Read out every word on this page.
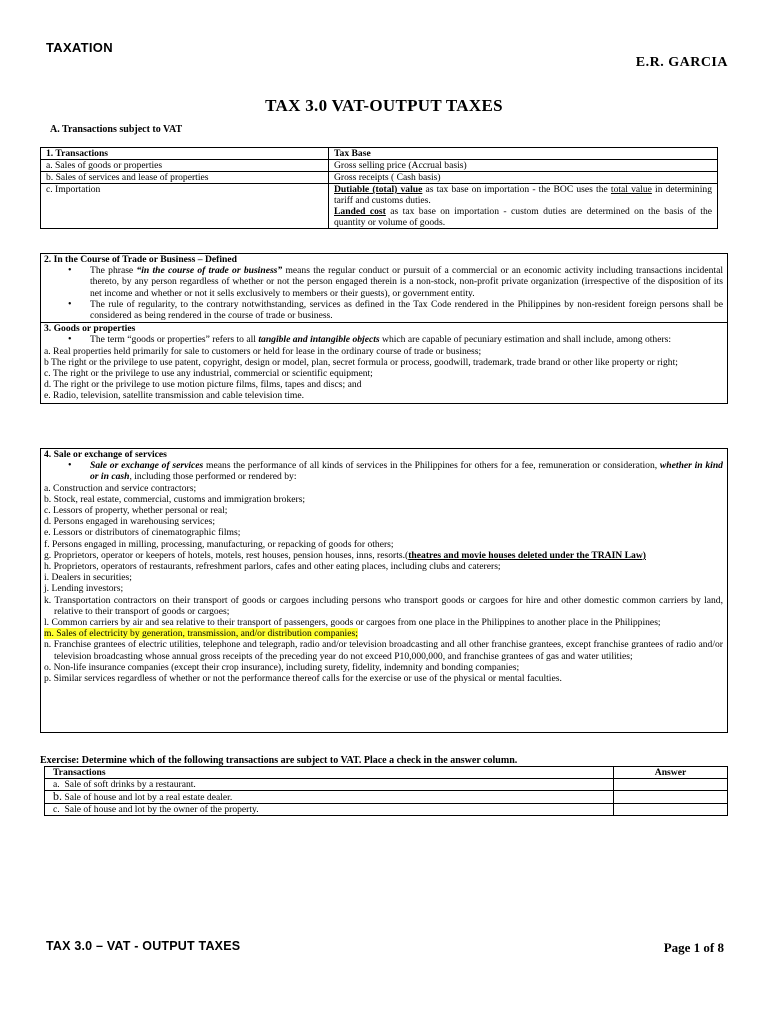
TAXATION
E.R. GARCIA
TAX 3.0 VAT-OUTPUT TAXES
A. Transactions subject to VAT
1. Transactions	Tax Base
a. Sales of goods or properties	Gross selling price (Accrual basis)
b. Sales of services and lease of properties	Gross receipts ( Cash basis)
c. Importation	Dutiable (total) value as tax base on importation - the BOC uses the total value in determining tariff and customs duties.
Landed cost as tax base on importation - custom duties are determined on the basis of the quantity or volume of goods.
2. In the Course of Trade or Business – Defined
• The phrase “in the course of trade or business” means the regular conduct or pursuit of a commercial or an economic activity including transactions incidental thereto, by any person regardless of whether or not the person engaged therein is a non-stock, non-profit private organization (irrespective of the disposition of its net income and whether or not it sells exclusively to members or their guests), or government entity.
• The rule of regularity, to the contrary notwithstanding, services as defined in the Tax Code rendered in the Philippines by non-resident foreign persons shall be considered as being rendered in the course of trade or business.
3. Goods or properties
• The term “goods or properties” refers to all tangible and intangible objects which are capable of pecuniary estimation and shall include, among others:
a. Real properties held primarily for sale to customers or held for lease in the ordinary course of trade or business;
b The right or the privilege to use patent, copyright, design or model, plan, secret formula or process, goodwill, trademark, trade brand or other like property or right;
c. The right or the privilege to use any industrial, commercial or scientific equipment;
d. The right or the privilege to use motion picture films, films, tapes and discs; and
e. Radio, television, satellite transmission and cable television time.
4. Sale or exchange of services
• Sale or exchange of services means the performance of all kinds of services in the Philippines for others for a fee, remuneration or consideration, whether in kind or in cash, including those performed or rendered by:
a. Construction and service contractors;
b. Stock, real estate, commercial, customs and immigration brokers;
c. Lessors of property, whether personal or real;
d. Persons engaged in warehousing services;
e. Lessors or distributors of cinematographic films;
f. Persons engaged in milling, processing, manufacturing, or repacking of goods for others;
g. Proprietors, operator or keepers of hotels, motels, rest houses, pension houses, inns, resorts.(theatres and movie houses deleted under the TRAIN Law)
h. Proprietors, operators of restaurants, refreshment parlors, cafes and other eating places, including clubs and caterers;
i. Dealers in securities;
j. Lending investors;
k. Transportation contractors on their transport of goods or cargoes including persons who transport goods or cargoes for hire and other domestic common carriers by land, relative to their transport of goods or cargoes;
l. Common carriers by air and sea relative to their transport of passengers, goods or cargoes from one place in the Philippines to another place in the Philippines;
m. Sales of electricity by generation, transmission, and/or distribution companies;
n. Franchise grantees of electric utilities, telephone and telegraph, radio and/or television broadcasting and all other franchise grantees, except franchise grantees of radio and/or television broadcasting whose annual gross receipts of the preceding year do not exceed P10,000,000, and franchise grantees of gas and water utilities;
o. Non-life insurance companies (except their crop insurance), including surety, fidelity, indemnity and bonding companies;
p. Similar services regardless of whether or not the performance thereof calls for the exercise or use of the physical or mental faculties.
Exercise: Determine which of the following transactions are subject to VAT. Place a check in the answer column.
Transactions	Answer
a.  Sale of soft drinks by a restaurant.	
b. Sale of house and lot by a real estate dealer.	
c.  Sale of house and lot by the owner of the property.	
TAX 3.0 – VAT - OUTPUT TAXES	Page 1 of 8
